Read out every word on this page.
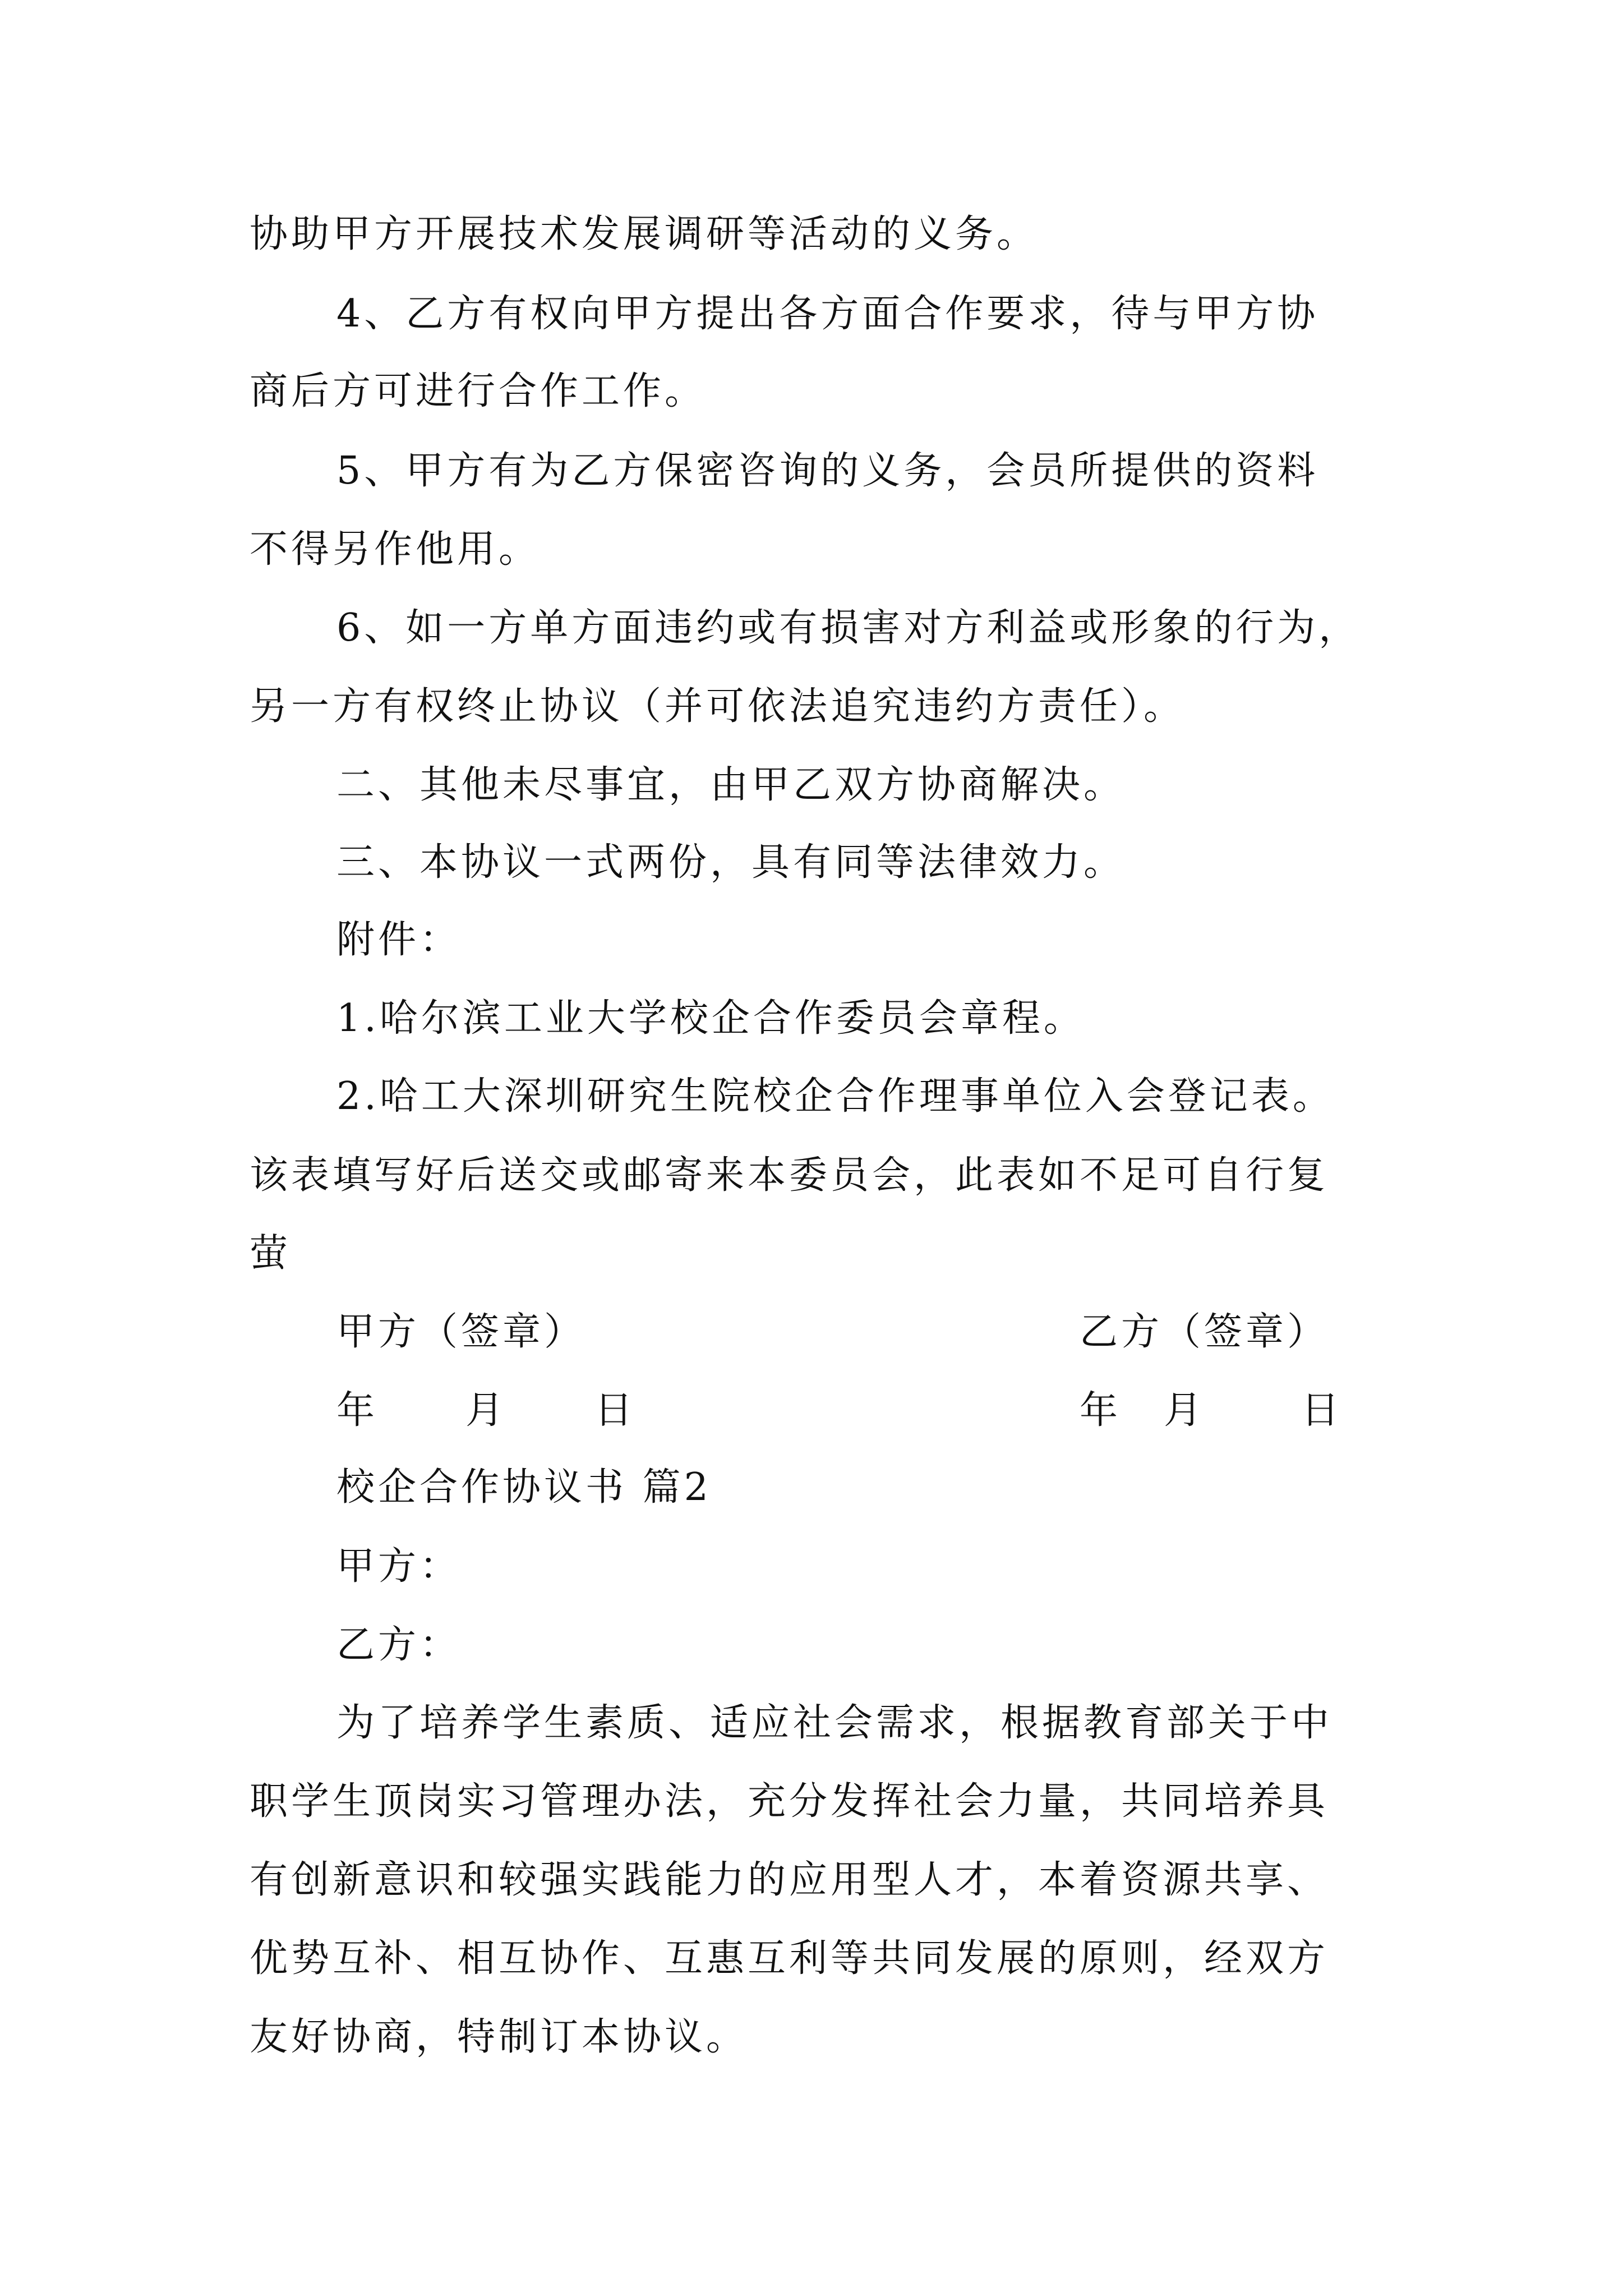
协助甲方开展技术发展调研等活动的义务。
4、乙方有权向甲方提出各方面合作要求，待与甲方协
商后方可进行合作工作。
5、甲方有为乙方保密咨询的义务，会员所提供的资料
不得另作他用。
6、如一方单方面违约或有损害对方利益或形象的行为，
另一方有权终止协议（并可依法追究违约方责任）。
二、其他未尽事宜，由甲乙双方协商解决。
三、本协议一式两份，具有同等法律效力。
附件：
1.哈尔滨工业大学校企合作委员会章程。
2.哈工大深圳研究生院校企合作理事单位入会登记表。
该表填写好后送交或邮寄来本委员会，此表如不足可自行复
萤
甲方（签章）	乙方（签章）
年 月 日	年 月	日
校企合作协议书 篇2
甲方：
乙方：
为了培养学生素质、适应社会需求，根据教育部关于中
职学生顶岗实习管理办法，充分发挥社会力量，共同培养具
有创新意识和较强实践能力的应用型人才，本着资源共享、
优势互补、相互协作、互惠互利等共同发展的原则，经双方
友好协商，特制订本协议。
